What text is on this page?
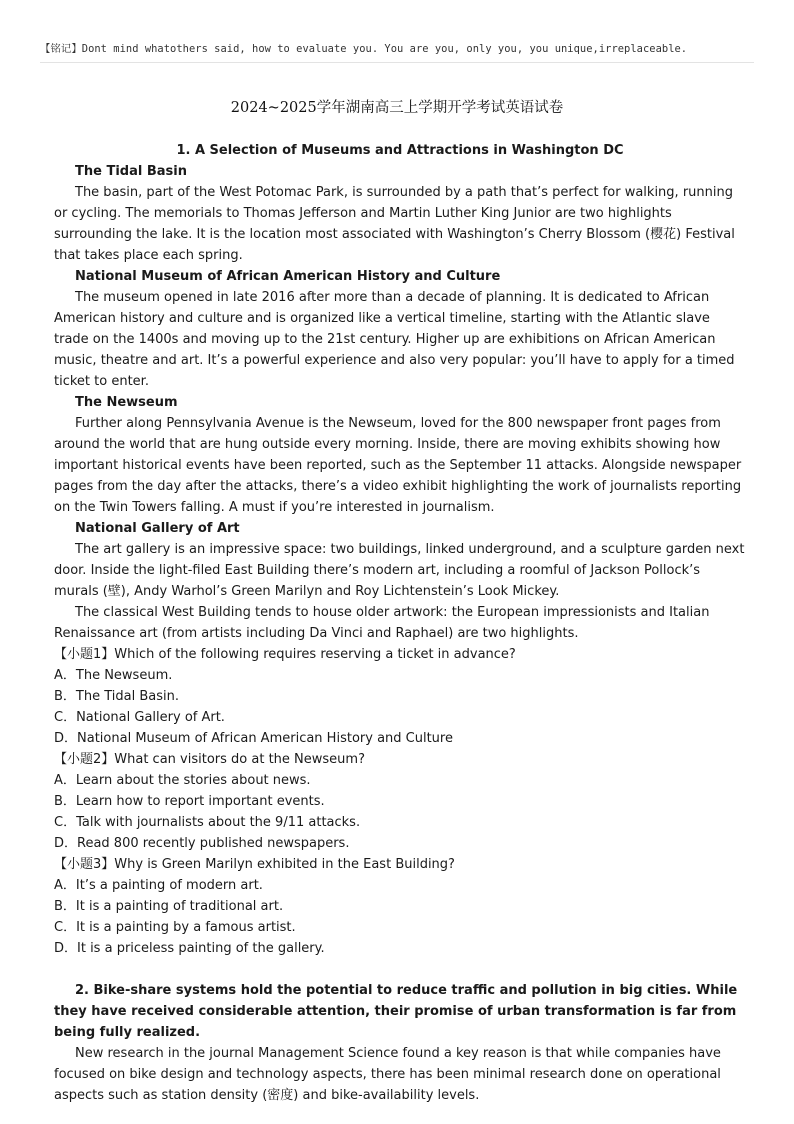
【铭记】Dont mind whatothers said, how to evaluate you. You are you, only you, you unique,irreplaceable.
2024~2025学年湖南高三上学期开学考试英语试卷

1. A Selection of Museums and Attractions in Washington DC

The Tidal Basin

The basin, part of the West Potomac Park, is surrounded by a path that’s perfect for walking, running or cycling. The memorials to Thomas Jefferson and Martin Luther King Junior are two highlights surrounding the lake. It is the location most associated with Washington’s Cherry Blossom (樱花) Festival that takes place each spring.

National Museum of African American History and Culture

The museum opened in late 2016 after more than a decade of planning. It is dedicated to African American history and culture and is organized like a vertical timeline, starting with the Atlantic slave trade on the 1400s and moving up to the 21st century. Higher up are exhibitions on African American music, theatre and art. It’s a powerful experience and also very popular: you’ll have to apply for a timed ticket to enter.

The Newseum

Further along Pennsylvania Avenue is the Newseum, loved for the 800 newspaper front pages from around the world that are hung outside every morning. Inside, there are moving exhibits showing how important historical events have been reported, such as the September 11 attacks. Alongside newspaper pages from the day after the attacks, there’s a video exhibit highlighting the work of journalists reporting on the Twin Towers falling. A must if you’re interested in journalism.

National Gallery of Art

The art gallery is an impressive space: two buildings, linked underground, and a sculpture garden next door. Inside the light-filed East Building there’s modern art, including a roomful of Jackson Pollock’s murals (壁), Andy Warhol’s Green Marilyn and Roy Lichtenstein’s Look Mickey.

The classical West Building tends to house older artwork: the European impressionists and Italian Renaissance art (from artists including Da Vinci and Raphael) are two highlights.

【小题1】Which of the following requires reserving a ticket in advance?

A．The Newseum.

B．The Tidal Basin.

C．National Gallery of Art.

D．National Museum of African American History and Culture

【小题2】What can visitors do at the Newseum?

A．Learn about the stories about news.

B．Learn how to report important events.

C．Talk with journalists about the 9/11 attacks.

D．Read 800 recently published newspapers.

【小题3】Why is Green Marilyn exhibited in the East Building?

A．It’s a painting of modern art.

B．It is a painting of traditional art.

C．It is a painting by a famous artist.

D．It is a priceless painting of the gallery.

2. Bike-share systems hold the potential to reduce traffic and pollution in big cities. While they have received considerable attention, their promise of urban transformation is far from being fully realized.

New research in the journal Management Science found a key reason is that while companies have focused on bike design and technology aspects, there has been minimal research done on operational aspects such as station density (密度) and bike-availability levels.
